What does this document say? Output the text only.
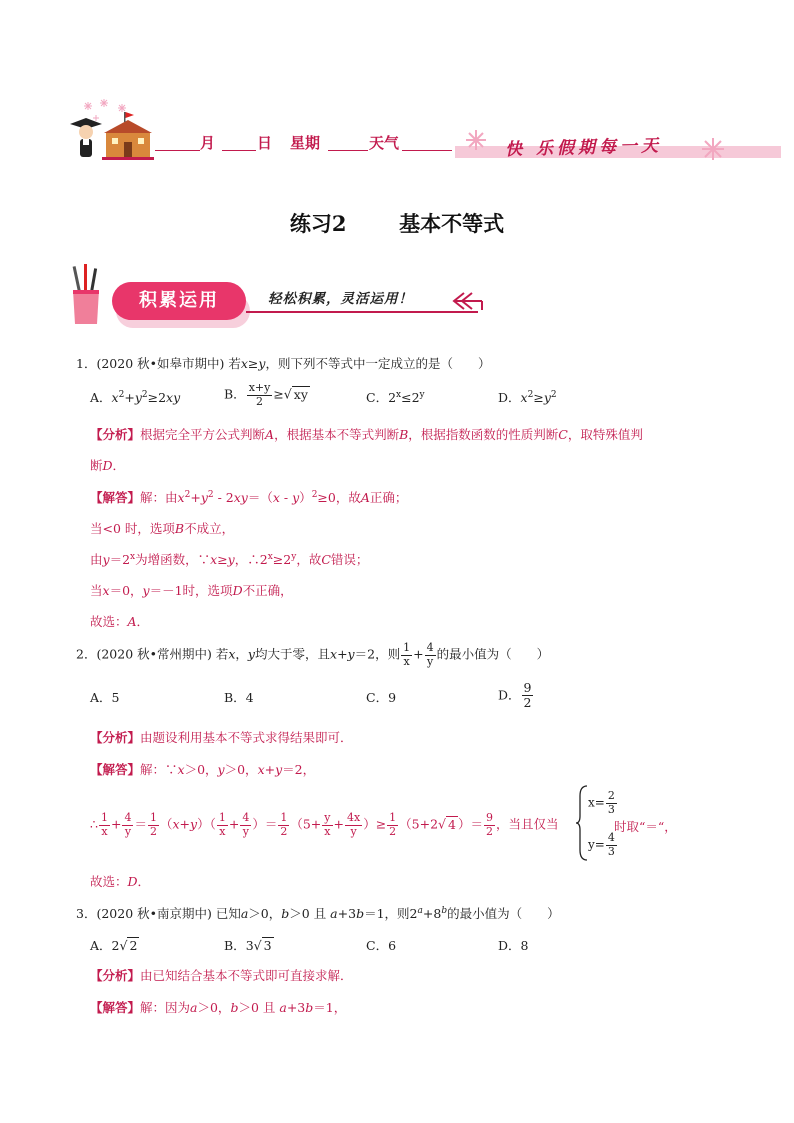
月	日 星期	天气	快 乐假期每一天
练习2	基本不等式
积累运用	轻松积累，灵活运用！
1．(2020 秋•如皋市期中) 若x≥y，则下列不等式中一定成立的是（　　）
A．$x^2+y^2\ge 2xy$	B． $\frac{x+y}{2}$ ≥√ xy	C．$2^x\le 2^y$	D．$x^2\ge y^2$
【分析】根据完全平方公式判断A，根据基本不等式判断B，根据指数函数的性质判断C，取特殊值判
断D．
【解答】解：由$x^2+y^2 - 2xy=(x - y)^2\ge 0$，故A正确；
当<0 时，选项B不成立，
由$y=2^x$为增函数，∵x≥y，$\therefore 2^x\ge 2^y$，故C错误；
当x＝0，y＝－1时，选项D不正确，
故选：A．
2．(2020 秋•常州期中) 若x，y均大于零，且x+y＝2，则 $\frac{1}{x} + \frac{4}{y}$ 的最小值为（　　）
A．5	B．4	C．9	D． $\frac{9}{2}$
【分析】由题设利用基本不等式求得结果即可．
【解答】解：∵x＞0，y＞0，x+y＝2，
∴ $\frac{1}{x} + \frac{4}{y} = \frac{1}{2} (x+y)( \frac{1}{x} + \frac{4}{y}$ ）＝ $\frac{1}{2} (5+ \frac{y}{x} + \frac{4x}{y}$ ）≥ $\frac{1}{2} (5+2√$ 4 ）＝ $\frac{9}{2}$ ，当且仅当
$x= \frac{2}{3}$
$y= \frac{4}{3}$
时取“＝“，
故选：D．
3．(2020 秋•南京期中) 已知a＞0，b＞0 且 a+3b＝1，则$2^a+8^b$的最小值为（　　）
A．2√ 2	B．3√ 3	C．6	D．8
【分析】由已知结合基本不等式即可直接求解．
【解答】解：因为a＞0，b＞0 且 a+3b＝1，
